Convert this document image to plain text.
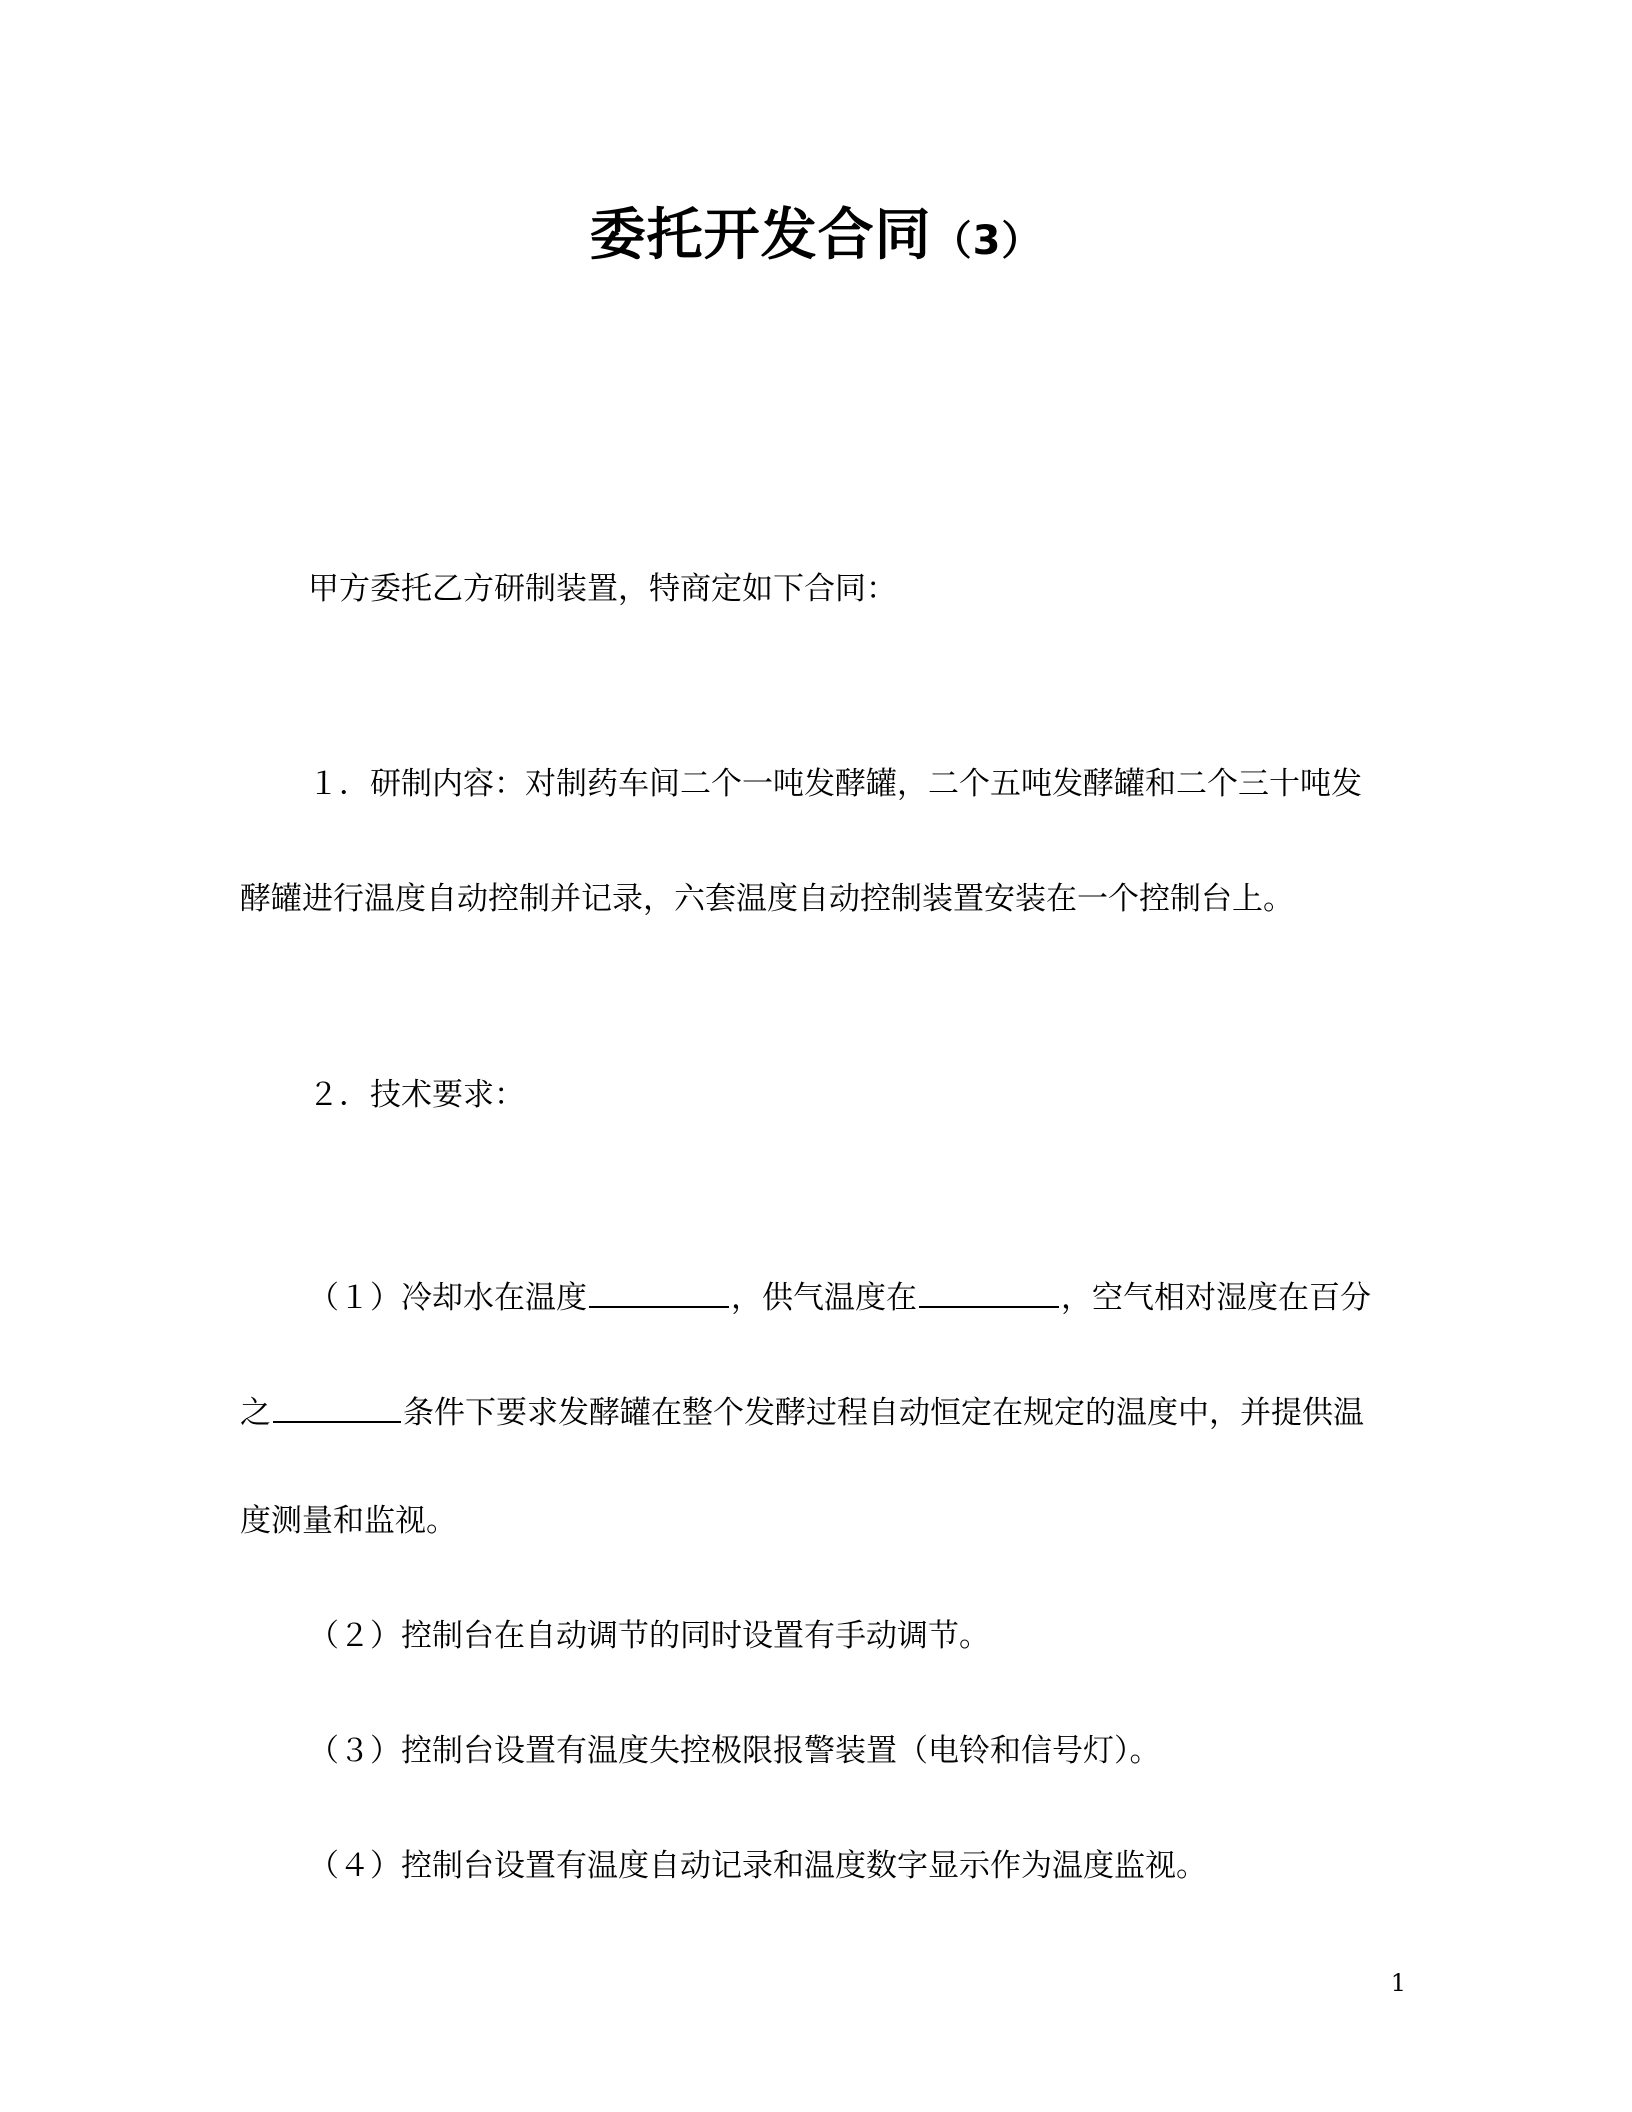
委托开发合同（3）
甲方委托乙方研制装置，特商定如下合同：
１．研制内容：对制药车间二个一吨发酵罐，二个五吨发酵罐和二个三十吨发
酵罐进行温度自动控制并记录，六套温度自动控制装置安装在一个控制台上。
２．技术要求：
（１）冷却水在温度	，供气温度在	，空气相对湿度在百分
之	条件下要求发酵罐在整个发酵过程自动恒定在规定的温度中，并提供温
度测量和监视。
（２）控制台在自动调节的同时设置有手动调节。
（３）控制台设置有温度失控极限报警装置（电铃和信号灯）。
（４）控制台设置有温度自动记录和温度数字显示作为温度监视。
1
